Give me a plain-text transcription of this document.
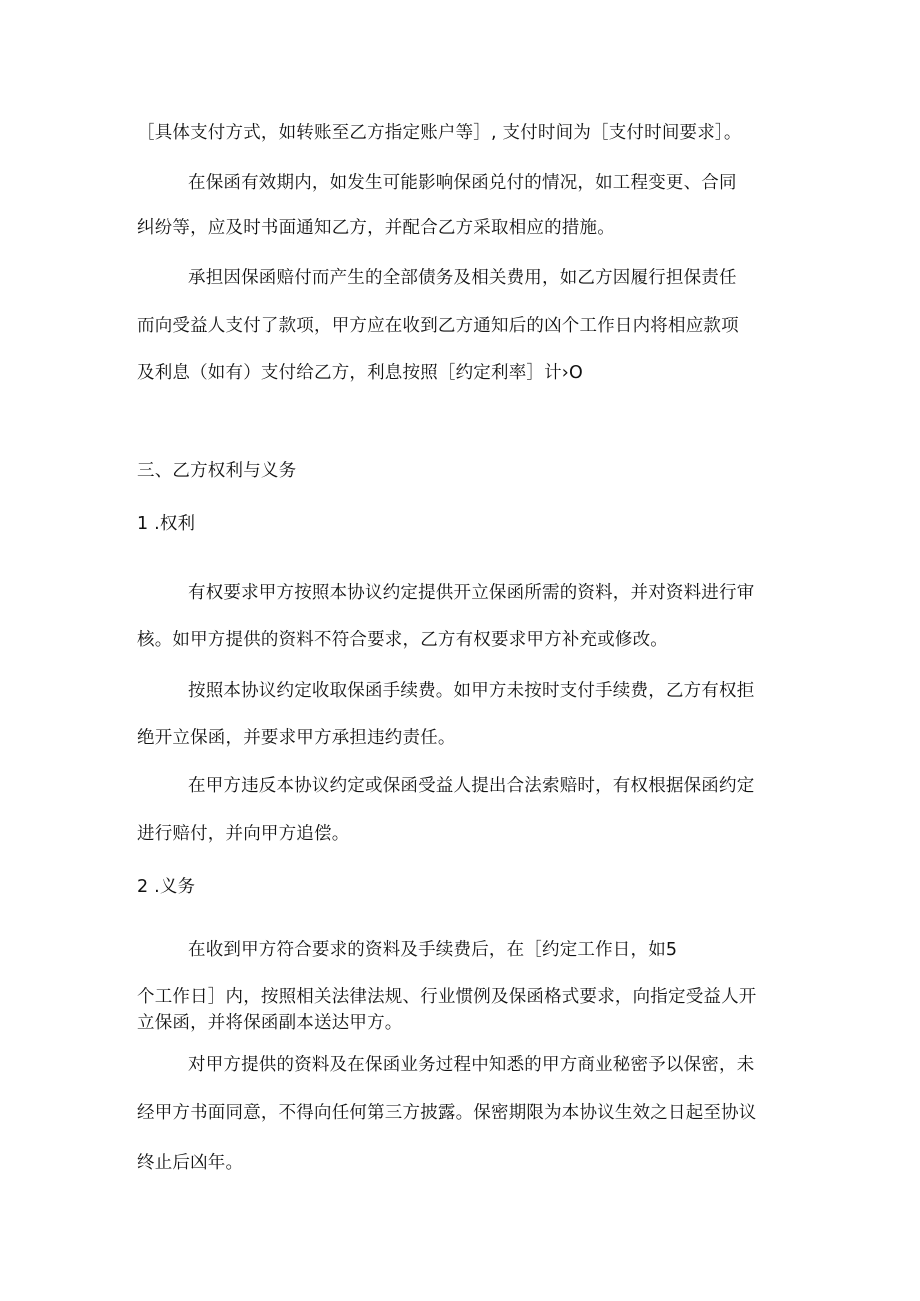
［具体支付方式，如转账至乙方指定账户等］, 支付时间为［支付时间要求］。
在保函有效期内，如发生可能影响保函兑付的情况，如工程变更、合同
纠纷等，应及时书面通知乙方，并配合乙方采取相应的措施。
承担因保函赔付而产生的全部债务及相关费用，如乙方因履行担保责任
而向受益人支付了款项，甲方应在收到乙方通知后的凶个工作日内将相应款项
及利息（如有）支付给乙方，利息按照［约定利率］计›O
三、乙方权利与义务
1 .权利
有权要求甲方按照本协议约定提供开立保函所需的资料，并对资料进行审
核。如甲方提供的资料不符合要求，乙方有权要求甲方补充或修改。
按照本协议约定收取保函手续费。如甲方未按时支付手续费，乙方有权拒
绝开立保函，并要求甲方承担违约责任。
在甲方违反本协议约定或保函受益人提出合法索赔时，有权根据保函约定
进行赔付，并向甲方追偿。
2 .义务
在收到甲方符合要求的资料及手续费后，在［约定工作日，如5
个工作日］内，按照相关法律法规、行业惯例及保函格式要求，向指定受益人开
立保函，并将保函副本送达甲方。
对甲方提供的资料及在保函业务过程中知悉的甲方商业秘密予以保密，未
经甲方书面同意，不得向任何第三方披露。保密期限为本协议生效之日起至协议
终止后凶年。
